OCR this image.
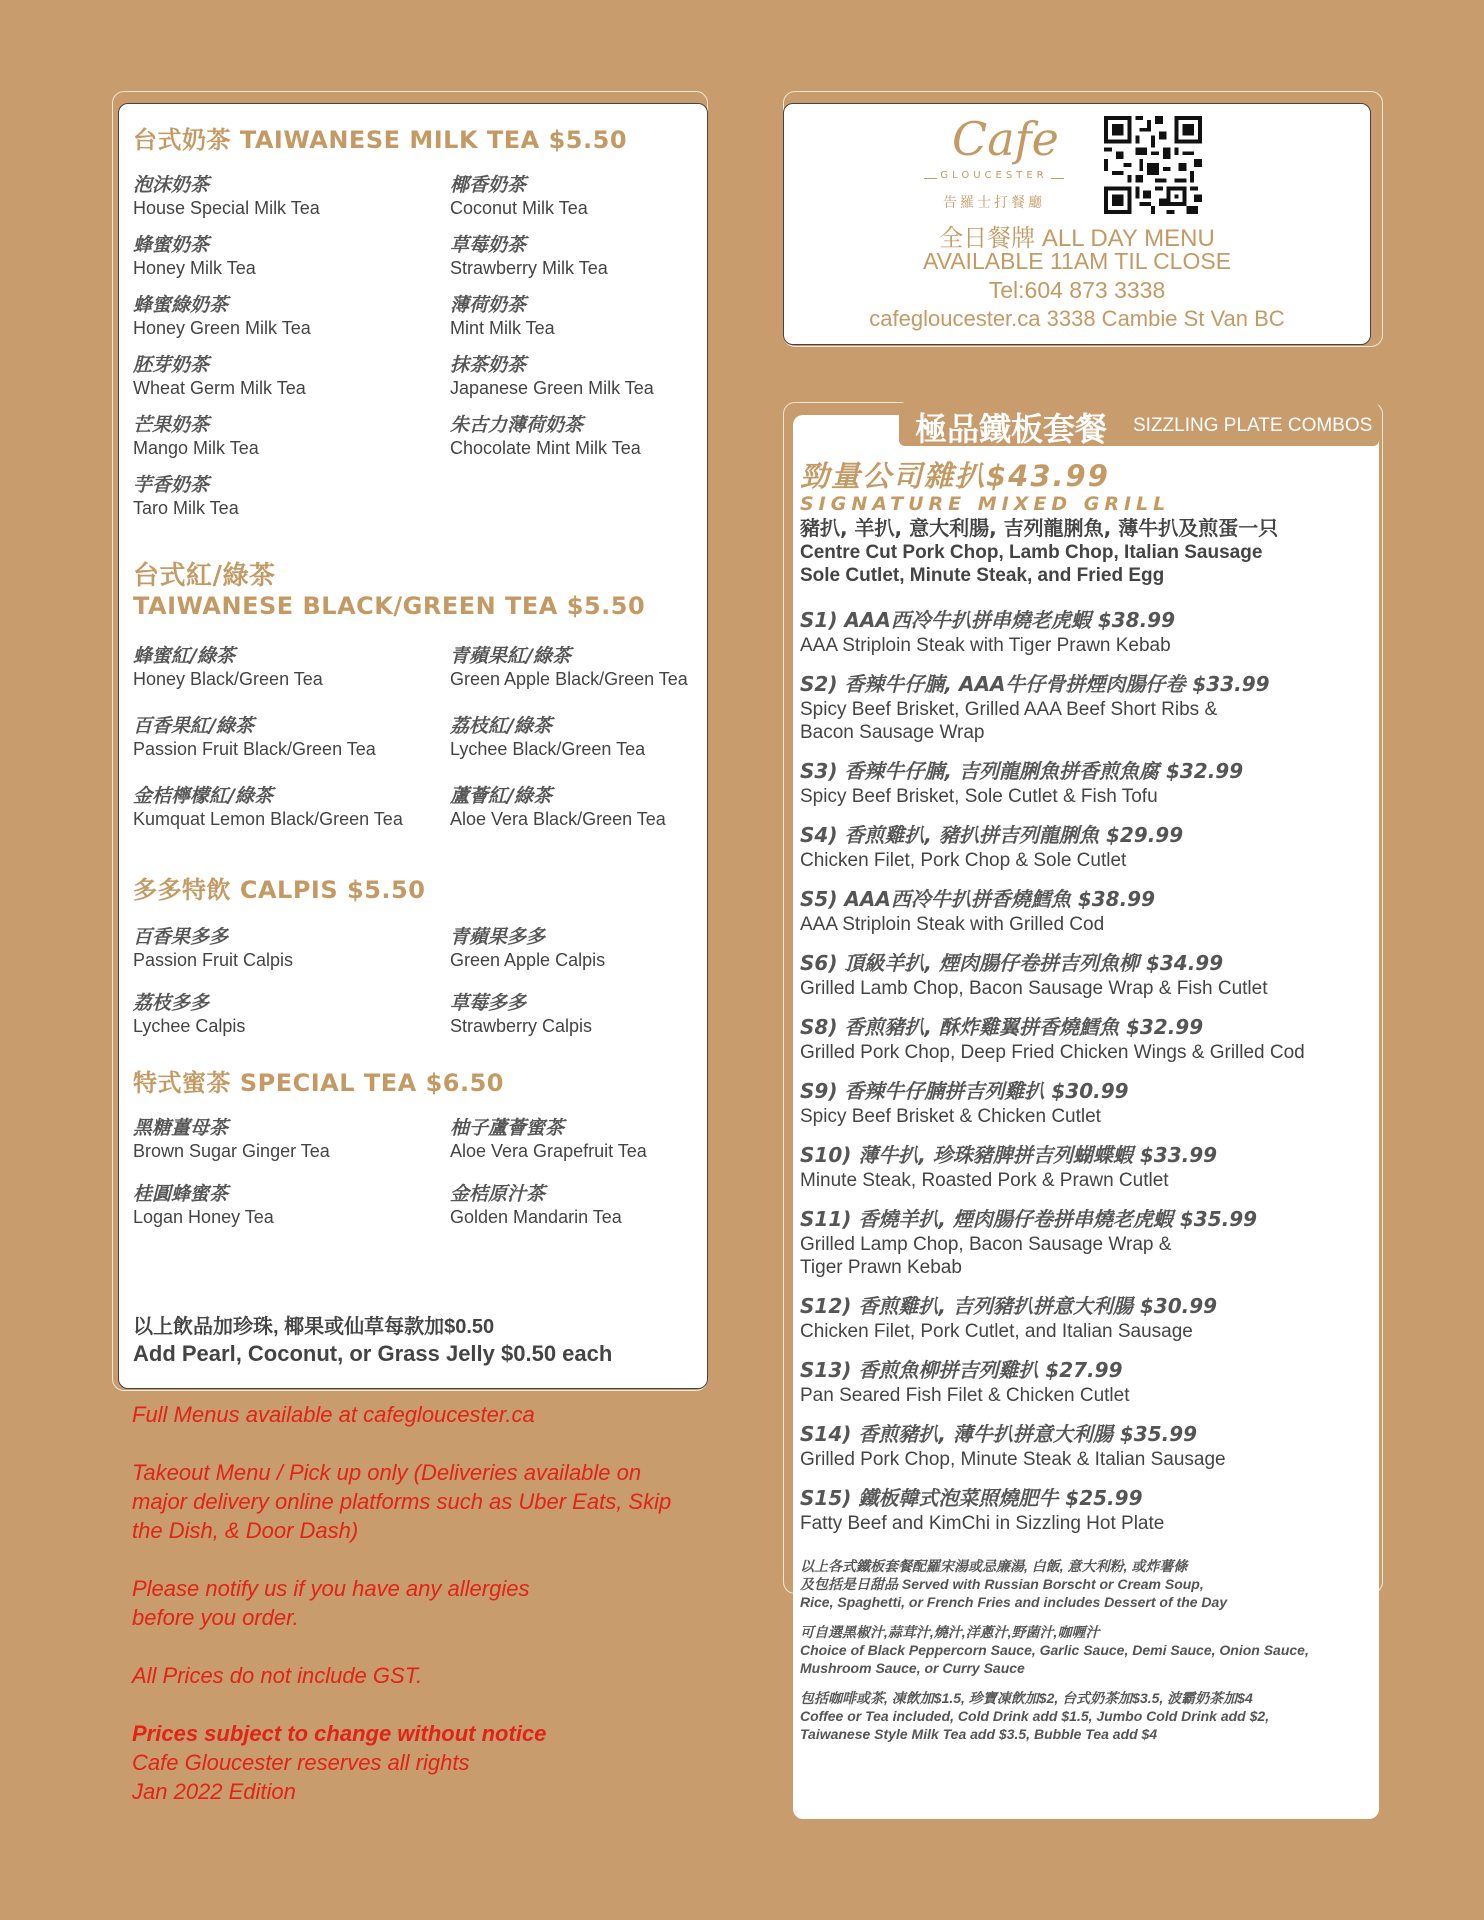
台式奶茶 TAIWANESE MILK TEA $5.50
泡沫奶茶
House Special Milk Tea
椰香奶茶
Coconut Milk Tea
蜂蜜奶茶
Honey Milk Tea
草莓奶茶
Strawberry Milk Tea
蜂蜜綠奶茶
Honey Green Milk Tea
薄荷奶茶
Mint Milk Tea
胚芽奶茶
Wheat Germ Milk Tea
抹茶奶茶
Japanese Green Milk Tea
芒果奶茶
Mango Milk Tea
朱古力薄荷奶茶
Chocolate Mint Milk Tea
芋香奶茶
Taro Milk Tea
台式紅/綠茶
TAIWANESE BLACK/GREEN TEA $5.50
蜂蜜紅/綠茶
Honey Black/Green Tea
青蘋果紅/綠茶
Green Apple Black/Green Tea
百香果紅/綠茶
Passion Fruit Black/Green Tea
荔枝紅/綠茶
Lychee Black/Green Tea
金桔檸檬紅/綠茶
Kumquat Lemon Black/Green Tea
蘆薈紅/綠茶
Aloe Vera Black/Green Tea
多多特飲 CALPIS $5.50
百香果多多
Passion Fruit Calpis
青蘋果多多
Green Apple Calpis
荔枝多多
Lychee Calpis
草莓多多
Strawberry Calpis
特式蜜茶 SPECIAL TEA $6.50
黑糖薑母茶
Brown Sugar Ginger Tea
柚子蘆薈蜜茶
Aloe Vera Grapefruit Tea
桂圓蜂蜜茶
Logan Honey Tea
金桔原汁茶
Golden Mandarin Tea
以上飲品加珍珠, 椰果或仙草每款加$0.50
Add Pearl, Coconut, or Grass Jelly $0.50 each

Full Menus available at cafegloucester.ca

Takeout Menu / Pick up only (Deliveries available on major delivery online platforms such as Uber Eats, Skip the Dish, & Door Dash)

Please notify us if you have any allergies before you order.

All Prices do not include GST.

Prices subject to change without notice
Cafe Gloucester reserves all rights
Jan 2022 Edition

Cafe
GLOUCESTER
告羅士打餐廳
全日餐牌 ALL DAY MENU
AVAILABLE 11AM TIL CLOSE
Tel:604 873 3338
cafegloucester.ca 3338 Cambie St Van BC
勁量公司雜扒$43.99
SIGNATURE MIXED GRILL
豬扒, 羊扒, 意大利腸, 吉列龍脷魚, 薄牛扒及煎蛋一只
Centre Cut Pork Chop, Lamb Chop, Italian Sausage
Sole Cutlet, Minute Steak, and Fried Egg
S1) AAA西冷牛扒拼串燒老虎蝦 $38.99
AAA Striploin Steak with Tiger Prawn Kebab
S2) 香辣牛仔腩, AAA牛仔骨拼煙肉腸仔卷 $33.99
Spicy Beef Brisket, Grilled AAA Beef Short Ribs &
Bacon Sausage Wrap
S3) 香辣牛仔腩, 吉列龍脷魚拼香煎魚腐 $32.99
Spicy Beef Brisket, Sole Cutlet & Fish Tofu
S4) 香煎雞扒, 豬扒拼吉列龍脷魚 $29.99
Chicken Filet, Pork Chop & Sole Cutlet
S5) AAA西冷牛扒拼香燒鱈魚 $38.99
AAA Striploin Steak with Grilled Cod
S6) 頂級羊扒, 煙肉腸仔卷拼吉列魚柳 $34.99
Grilled Lamb Chop, Bacon Sausage Wrap & Fish Cutlet
S8) 香煎豬扒, 酥炸雞翼拼香燒鱈魚 $32.99
Grilled Pork Chop, Deep Fried Chicken Wings & Grilled Cod
S9) 香辣牛仔腩拼吉列雞扒 $30.99
Spicy Beef Brisket & Chicken Cutlet
S10) 薄牛扒, 珍珠豬脾拼吉列蝴蝶蝦 $33.99
Minute Steak, Roasted Pork & Prawn Cutlet
S11) 香燒羊扒, 煙肉腸仔卷拼串燒老虎蝦 $35.99
Grilled Lamp Chop, Bacon Sausage Wrap &
Tiger Prawn Kebab
S12) 香煎雞扒, 吉列豬扒拼意大利腸 $30.99
Chicken Filet, Pork Cutlet, and Italian Sausage
S13) 香煎魚柳拼吉列雞扒 $27.99
Pan Seared Fish Filet & Chicken Cutlet
S14) 香煎豬扒, 薄牛扒拼意大利腸 $35.99
Grilled Pork Chop, Minute Steak & Italian Sausage
S15) 鐵板韓式泡菜照燒肥牛 $25.99
Fatty Beef and KimChi in Sizzling Hot Plate
以上各式鐵板套餐配羅宋湯或忌廉湯, 白飯, 意大利粉, 或炸薯條
及包括是日甜品 Served with Russian Borscht or Cream Soup,
Rice, Spaghetti, or French Fries and includes Dessert of the Day
可自選黑椒汁,蒜茸汁,燒汁,洋蔥汁,野菌汁,咖喱汁
Choice of Black Peppercorn Sauce, Garlic Sauce, Demi Sauce, Onion Sauce,
Mushroom Sauce, or Curry Sauce
包括咖啡或茶, 凍飲加$1.5, 珍寶凍飲加$2, 台式奶茶加$3.5, 波霸奶茶加$4
Coffee or Tea included, Cold Drink add $1.5, Jumbo Cold Drink add $2,
Taiwanese Style Milk Tea add $3.5, Bubble Tea add $4
極品鐵板套餐 SIZZLING PLATE COMBOS
